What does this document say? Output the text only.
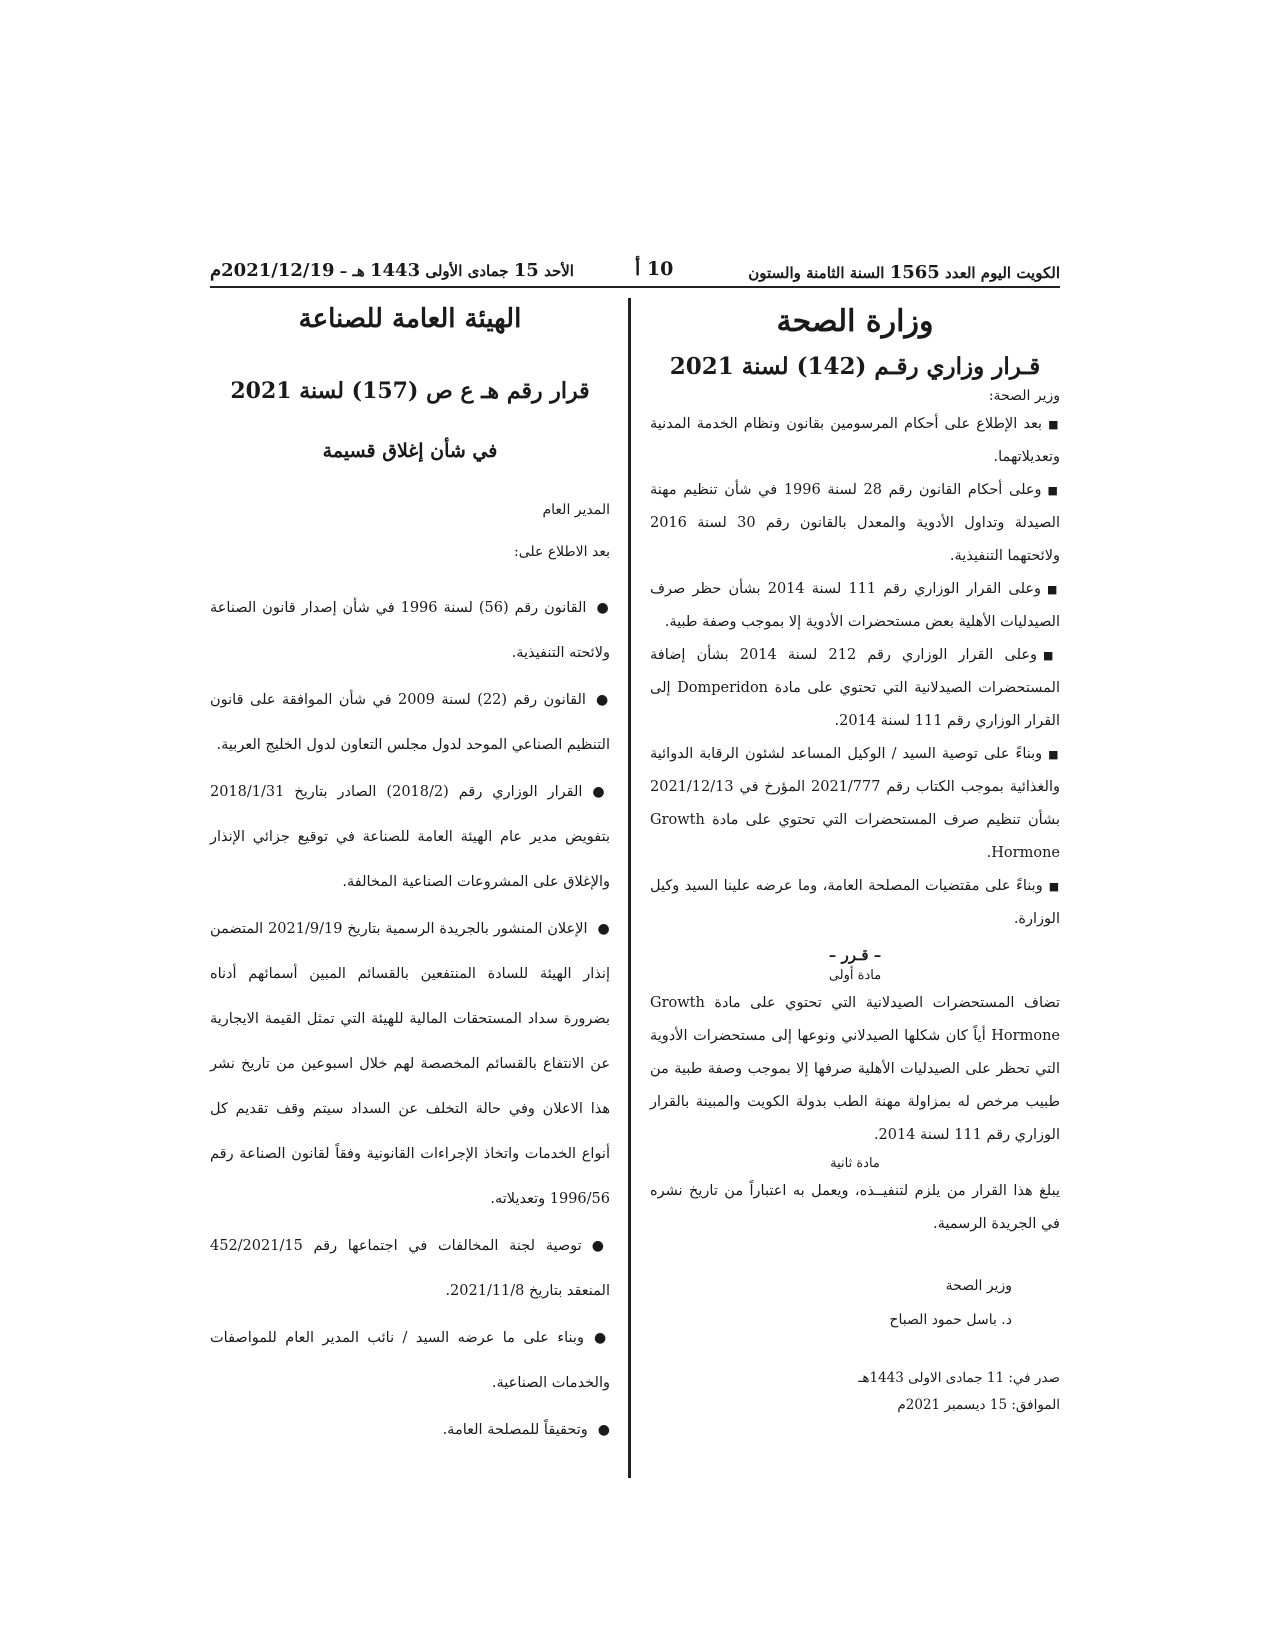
الكويت اليوم العدد 1565 السنة الثامنة والستون
10 أ
الأحد 15 جمادى الأولى 1443 هـ – 2021/12/19م
وزارة الصحة
قـرار وزاري رقـم (142) لسنة 2021
وزير الصحة:

■بعد الإطلاع على أحكام المرسومين بقانون ونظام الخدمة المدنية وتعديلاتهما.

■وعلى أحكام القانون رقم 28 لسنة 1996 في شأن تنظيم مهنة الصيدلة وتداول الأدوية والمعدل بالقانون رقم 30 لسنة 2016 ولائحتهما التنفيذية.

■وعلى القرار الوزاري رقم 111 لسنة 2014 بشأن حظر صرف الصيدليات الأهلية بعض مستحضرات الأدوية إلا بموجب وصفة طبية.

■وعلى القرار الوزاري رقم 212 لسنة 2014 بشأن إضافة المستحضرات الصيدلانية التي تحتوي على مادة Domperidon إلى القرار الوزاري رقم 111 لسنة 2014.

■وبناءً على توصية السيد / الوكيل المساعد لشئون الرقابة الدوائية والغذائية بموجب الكتاب رقم 2021/777 المؤرخ في 2021/12/13 بشأن تنظيم صرف المستحضرات التي تحتوي على مادة Growth Hormone.

■وبناءً على مقتضيات المصلحة العامة، وما عرضه علينا السيد وكيل الوزارة.

– قـرر –
مادة أولى

تضاف المستحضرات الصيدلانية التي تحتوي على مادة Growth Hormone أياً كان شكلها الصيدلاني ونوعها إلى مستحضرات الأدوية التي تحظر على الصيدليات الأهلية صرفها إلا بموجب وصفة طبية من طبيب مرخص له بمزاولة مهنة الطب بدولة الكويت والمبينة بالقرار الوزاري رقم 111 لسنة 2014.

مادة ثانية

يبلغ هذا القرار من يلزم لتنفيــذه، ويعمل به اعتباراً من تاريخ نشره في الجريدة الرسمية.

وزير الصحة
د. باسل حمود الصباح
صدر في: 11 جمادى الاولى 1443هـ
الموافق: 15 ديسمبر 2021م
الهيئة العامة للصناعة
قرار رقم هـ ع ص (157) لسنة 2021
في شأن إغلاق قسيمة
المدير العام
بعد الاطلاع على:

●القانون رقم (56) لسنة 1996 في شأن إصدار قانون الصناعة ولائحته التنفيذية.

●القانون رقم (22) لسنة 2009 في شأن الموافقة على قانون التنظيم الصناعي الموحد لدول مجلس التعاون لدول الخليج العربية.

●القرار الوزاري رقم (2018/2) الصادر بتاريخ 2018/1/31 بتفويض مدير عام الهيئة العامة للصناعة في توقيع جزائي الإنذار والإغلاق على المشروعات الصناعية المخالفة.

●الإعلان المنشور بالجريدة الرسمية بتاريخ 2021/9/19 المتضمن إنذار الهيئة للسادة المنتفعين بالقسائم المبين أسمائهم أدناه بضرورة سداد المستحقات المالية للهيئة التي تمثل القيمة الايجارية عن الانتفاع بالقسائم المخصصة لهم خلال اسبوعين من تاريخ نشر هذا الاعلان وفي حالة التخلف عن السداد سيتم وقف تقديم كل أنواع الخدمات واتخاذ الإجراءات القانونية وفقاً لقانون الصناعة رقم 1996/56 وتعديلاته.

●توصية لجنة المخالفات في اجتماعها رقم 452/2021/15 المنعقد بتاريخ 2021/11/8.

●وبناء على ما عرضه السيد / نائب المدير العام للمواصفات والخدمات الصناعية.

●وتحقيقاً للمصلحة العامة.
